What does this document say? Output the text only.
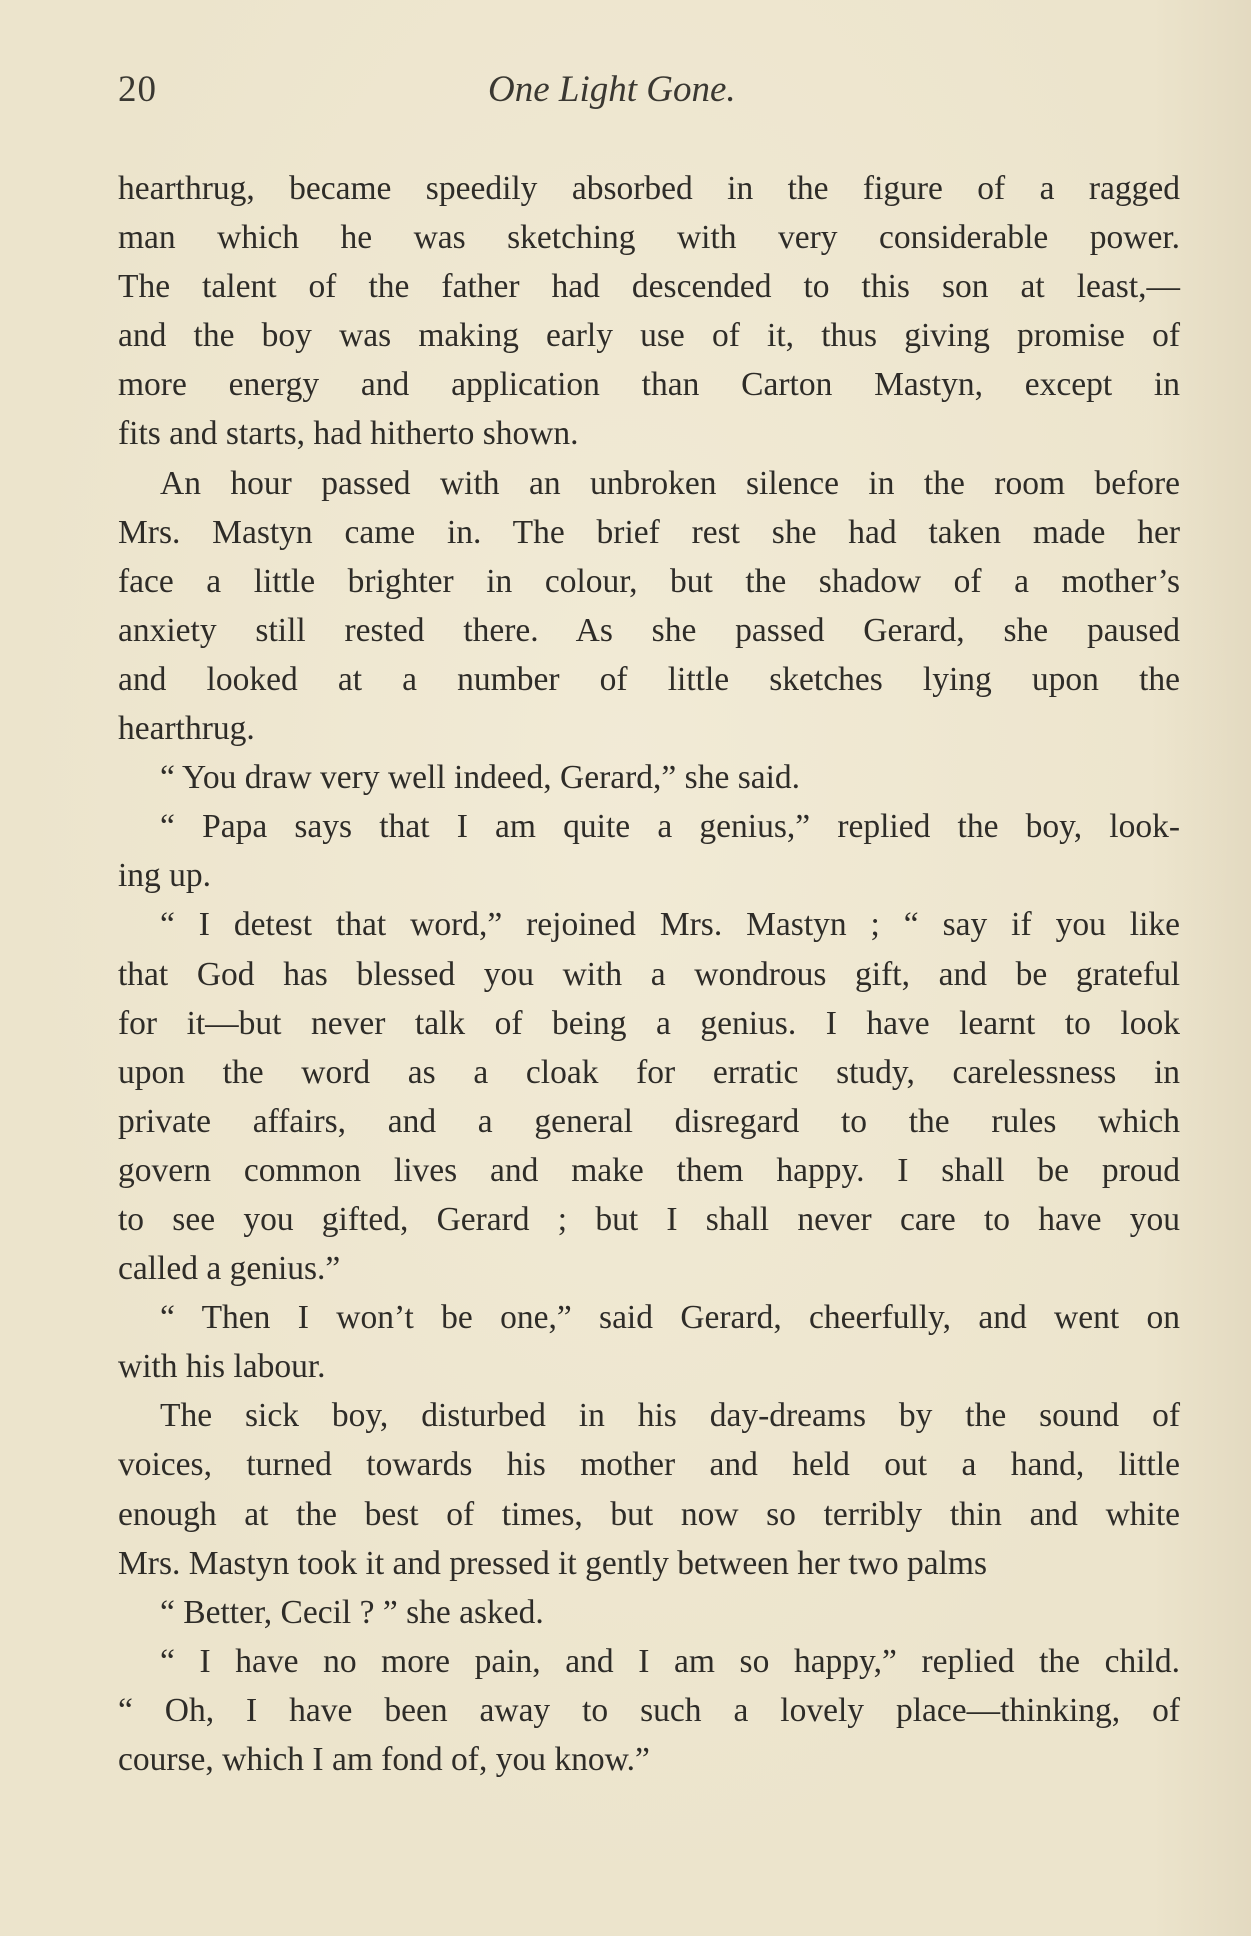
20	One Light Gone.
hearthrug, became speedily absorbed in the figure of a ragged
man which he was sketching with very considerable power.
The talent of the father had descended to this son at least,—
and the boy was making early use of it, thus giving promise of
more energy and application than Carton Mastyn, except in
fits and starts, had hitherto shown.
An hour passed with an unbroken silence in the room before
Mrs. Mastyn came in. The brief rest she had taken made her
face a little brighter in colour, but the shadow of a mother’s
anxiety still rested there. As she passed Gerard, she paused
and looked at a number of little sketches lying upon the
hearthrug.
“ You draw very well indeed, Gerard,” she said.
“ Papa says that I am quite a genius,” replied the boy, look-
ing up.
“ I detest that word,” rejoined Mrs. Mastyn ; “ say if you like
that God has blessed you with a wondrous gift, and be grateful
for it—but never talk of being a genius. I have learnt to look
upon the word as a cloak for erratic study, carelessness in
private affairs, and a general disregard to the rules which
govern common lives and make them happy. I shall be proud
to see you gifted, Gerard ; but I shall never care to have you
called a genius.”
“ Then I won’t be one,” said Gerard, cheerfully, and went on
with his labour.
The sick boy, disturbed in his day-dreams by the sound of
voices, turned towards his mother and held out a hand, little
enough at the best of times, but now so terribly thin and white
Mrs. Mastyn took it and pressed it gently between her two palms
“ Better, Cecil ? ” she asked.
“ I have no more pain, and I am so happy,” replied the child.
“ Oh, I have been away to such a lovely place—thinking, of
course, which I am fond of, you know.”
